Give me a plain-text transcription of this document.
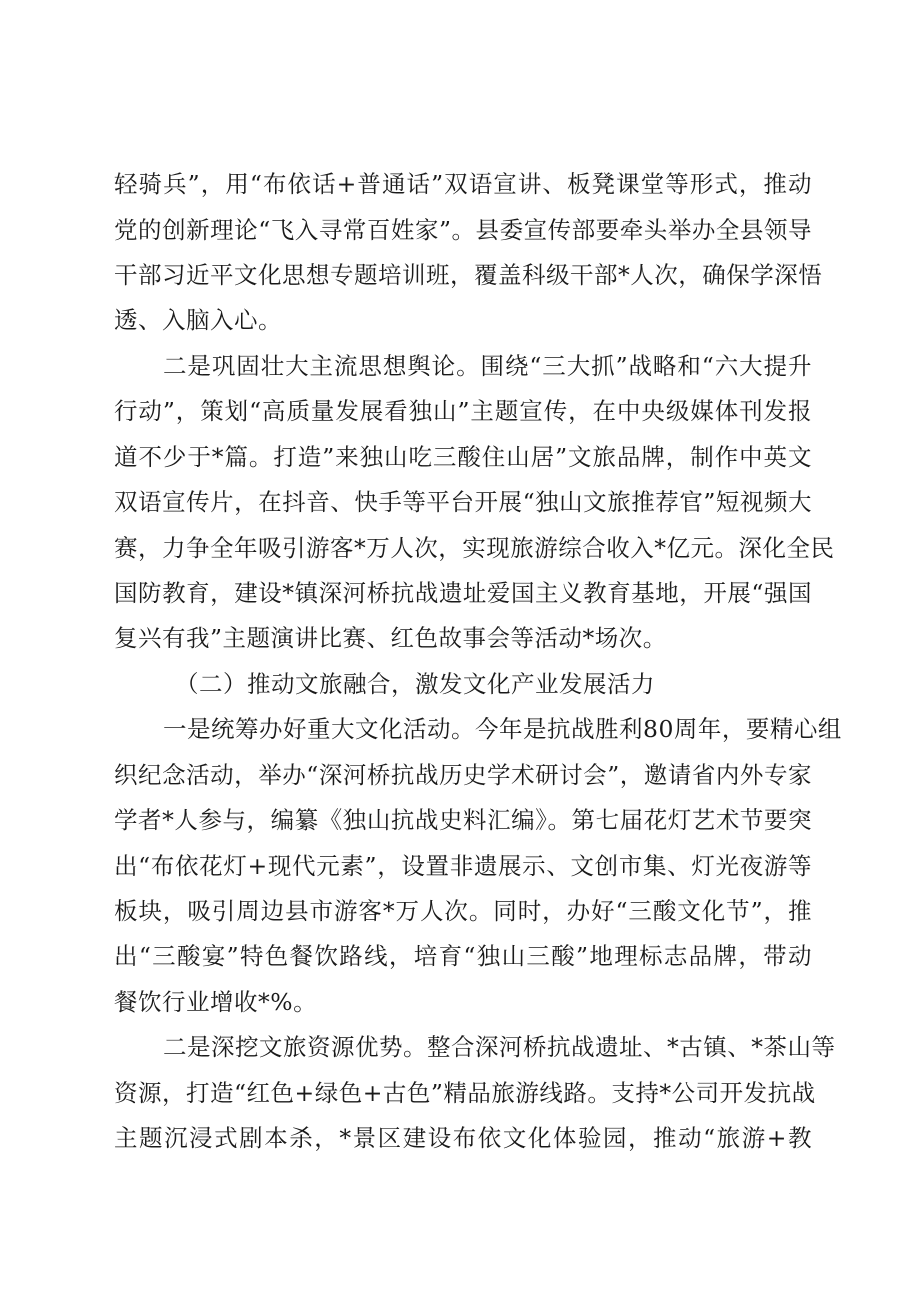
轻骑兵”，用“布依话+普通话”双语宣讲、板凳课堂等形式，推动
党的创新理论“飞入寻常百姓家”。县委宣传部要牵头举办全县领导
干部习近平文化思想专题培训班，覆盖科级干部*人次，确保学深悟
透、入脑入心。
二是巩固壮大主流思想舆论。围绕“三大抓”战略和“六大提升
行动”，策划“高质量发展看独山”主题宣传，在中央级媒体刊发报
道不少于*篇。打造”来独山吃三酸住山居”文旅品牌，制作中英文
双语宣传片，在抖音、快手等平台开展“独山文旅推荐官”短视频大
赛，力争全年吸引游客*万人次，实现旅游综合收入*亿元。深化全民
国防教育，建设*镇深河桥抗战遗址爱国主义教育基地，开展“强国
复兴有我”主题演讲比赛、红色故事会等活动*场次。
（二）推动文旅融合，激发文化产业发展活力
一是统筹办好重大文化活动。今年是抗战胜利80周年，要精心组
织纪念活动，举办“深河桥抗战历史学术研讨会”，邀请省内外专家
学者*人参与，编纂《独山抗战史料汇编》。第七届花灯艺术节要突
出“布依花灯+现代元素”，设置非遗展示、文创市集、灯光夜游等
板块，吸引周边县市游客*万人次。同时，办好“三酸文化节”，推
出“三酸宴”特色餐饮路线，培育“独山三酸”地理标志品牌，带动
餐饮行业增收*%。
二是深挖文旅资源优势。整合深河桥抗战遗址、*古镇、*茶山等
资源，打造“红色+绿色+古色”精品旅游线路。支持*公司开发抗战
主题沉浸式剧本杀，*景区建设布依文化体验园，推动“旅游+教
